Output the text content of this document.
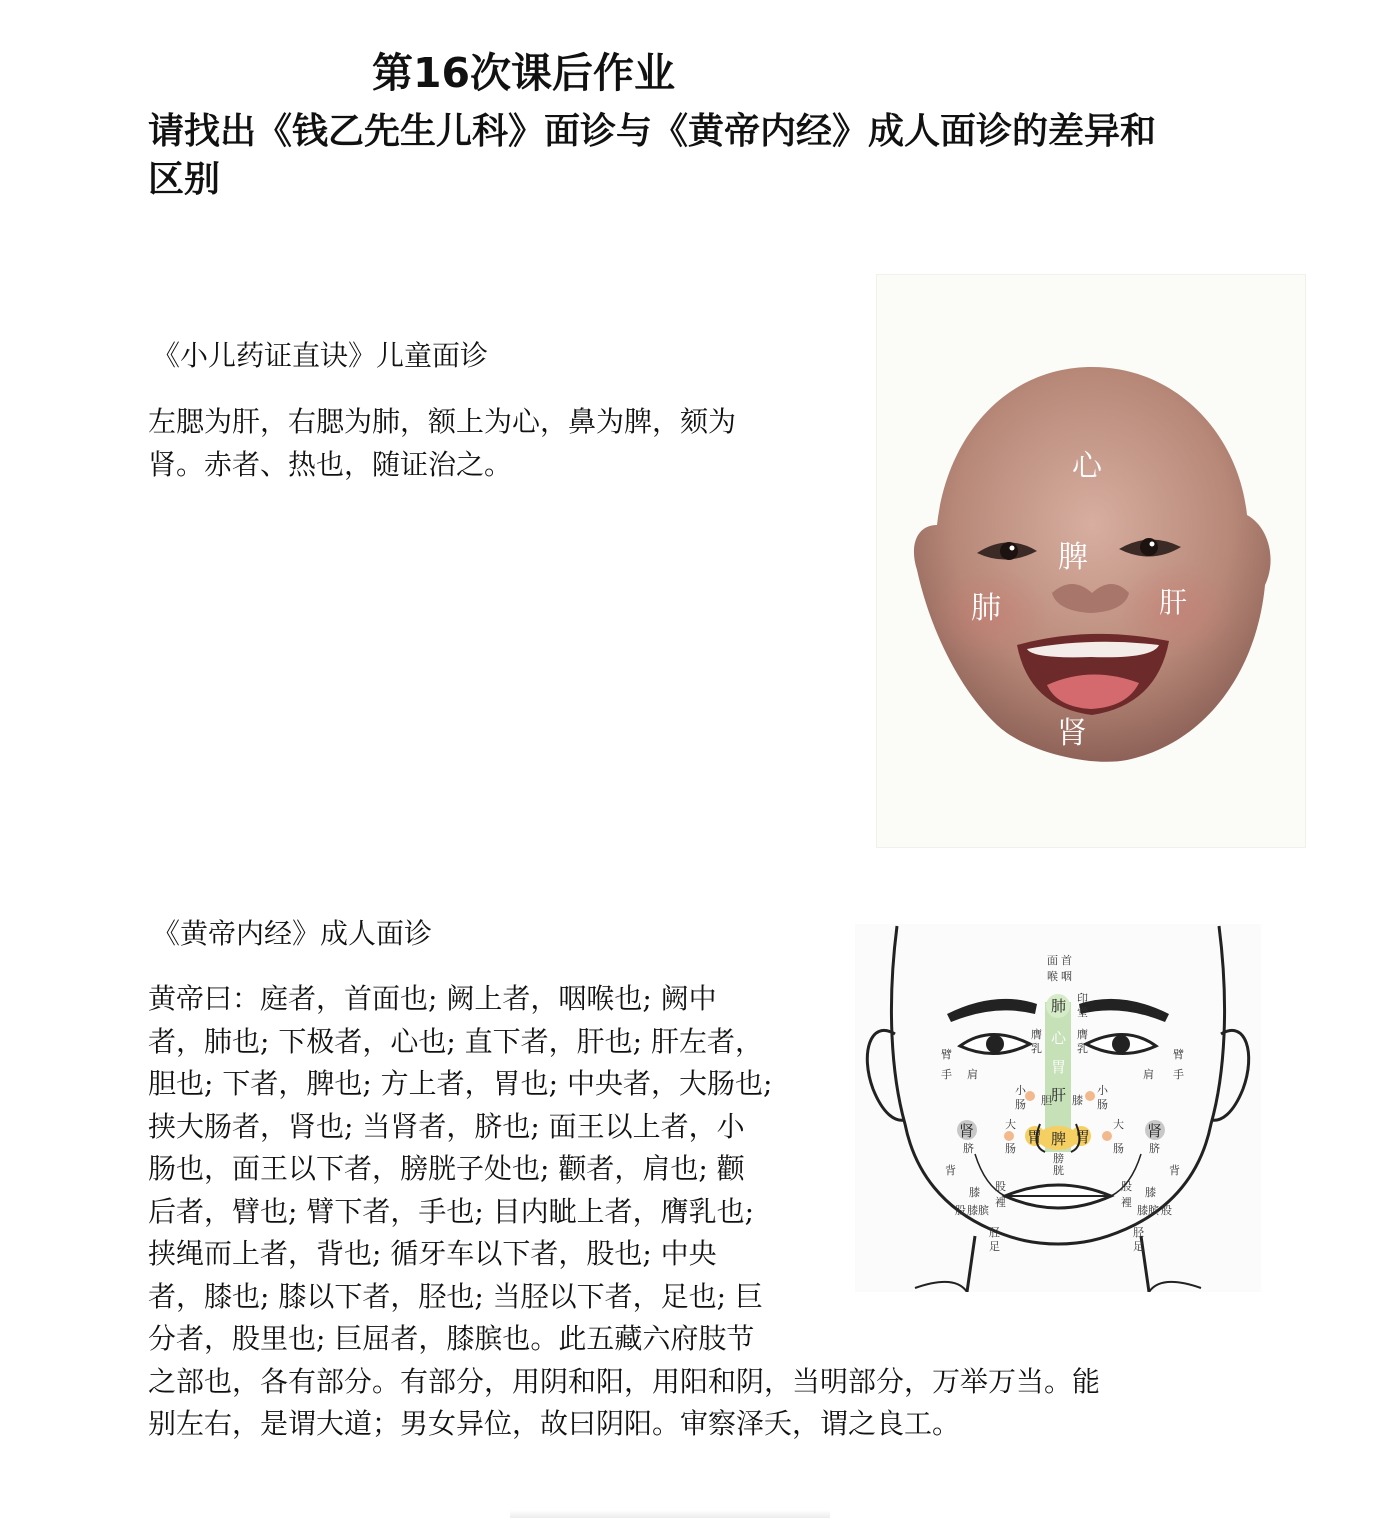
第16次课后作业
请找出《钱乙先生儿科》面诊与《黄帝内经》成人面诊的差异和区别
《小儿药证直诀》儿童面诊
左腮为肝，右腮为肺，额上为心，鼻为脾，颏为
肾。赤者、热也，随证治之。	心
脾
肺	肝
肾
《黄帝内经》成人面诊
黄帝曰：庭者，首面也; 阙上者，咽喉也; 阙中
者，肺也; 下极者，心也; 直下者，肝也; 肝左者，
胆也; 下者，脾也; 方上者，胃也; 中央者，大肠也;
挟大肠者，肾也; 当肾者，脐也; 面王以上者，小
肠也，面王以下者，膀胱子处也; 颧者，肩也; 颧
后者，臂也; 臂下者，手也; 目内眦上者，膺乳也;
挟绳而上者，背也; 循牙车以下者，股也; 中央
者，膝也; 膝以下者，胫也; 当胫以下者，足也; 巨
分者，股里也; 巨屈者，膝膑也。此五藏六府肢节
之部也，各有部分。有部分，用阴和阳，用阳和阴，当明部分，万举万当。能
别左右，是谓大道；男女异位，故曰阴阳。审察泽夭，谓之良工。
面 首
喉 咽
印
堂
膺
乳
膺
乳
臂
手 肩
臂
手
肩
小
肠 胆 膝
小
肠
大
肠
大
肠
脐	脐
膀
胱
背	背
股
裡
股
裡
膝
膝膑
股
膝
膝膑 股
胫
足
胫
足
肺
心
胃
肝
肾	肾
胃 脾 胃
